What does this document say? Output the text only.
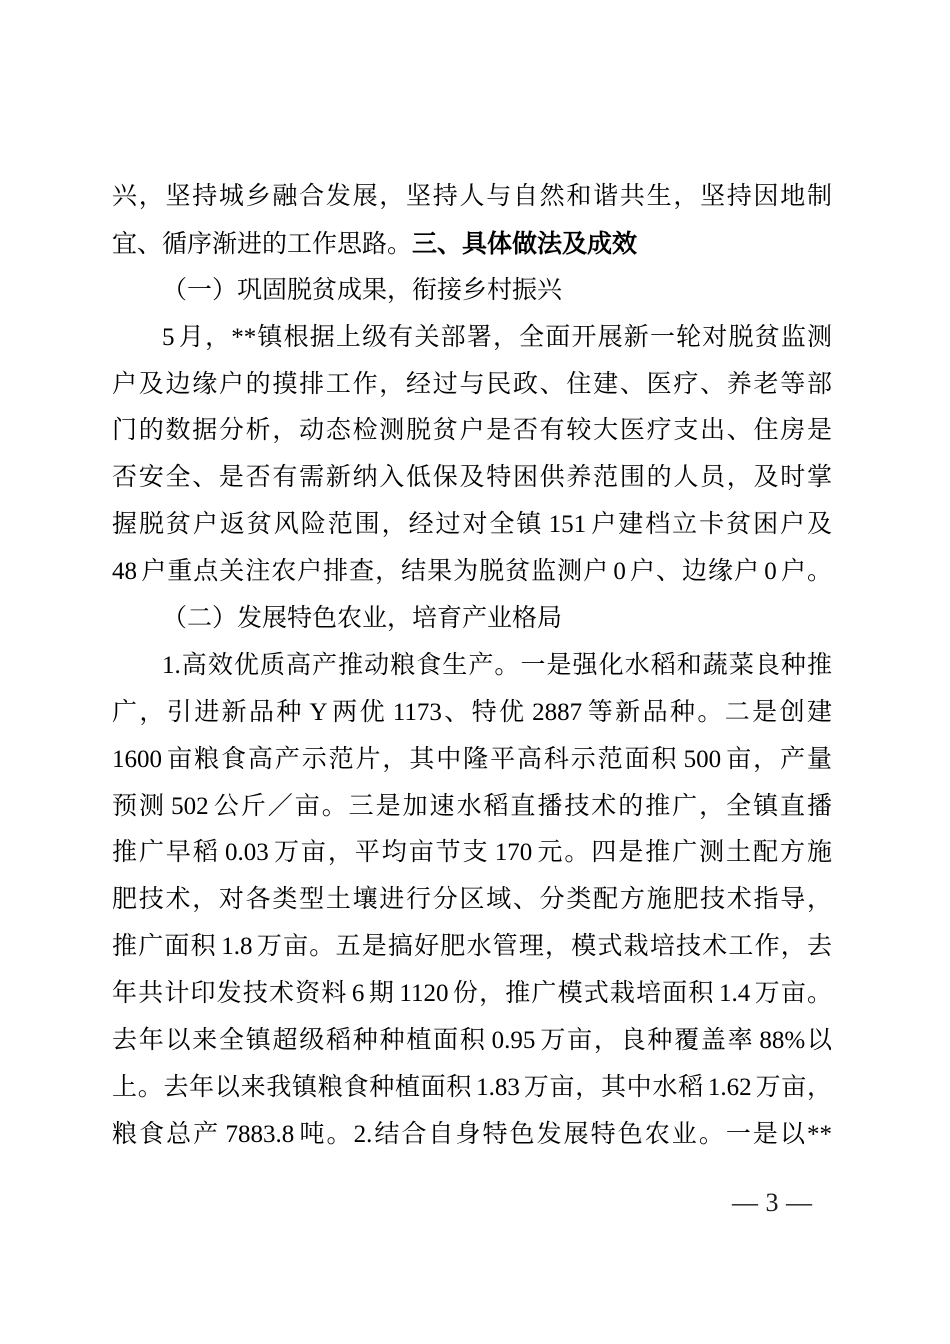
兴，坚持城乡融合发展，坚持人与自然和谐共生，坚持因地制
宜、循序渐进的工作思路。三、具体做法及成效
（一）巩固脱贫成果，衔接乡村振兴
5 月，**镇根据上级有关部署，全面开展新一轮对脱贫监测
户及边缘户的摸排工作，经过与民政、住建、医疗、养老等部
门的数据分析，动态检测脱贫户是否有较大医疗支出、住房是
否安全、是否有需新纳入低保及特困供养范围的人员，及时掌
握脱贫户返贫风险范围，经过对全镇 151 户建档立卡贫困户及
48 户重点关注农户排查，结果为脱贫监测户 0 户、边缘户 0 户。
（二）发展特色农业，培育产业格局
1.高效优质高产推动粮食生产。一是强化水稻和蔬菜良种推
广，引进新品种 Y 两优 1173、特优 2887 等新品种。二是创建
1600 亩粮食高产示范片，其中隆平高科示范面积 500 亩，产量
预测 502 公斤／亩。三是加速水稻直播技术的推广，全镇直播
推广早稻 0.03 万亩，平均亩节支 170 元。四是推广测土配方施
肥技术，对各类型土壤进行分区域、分类配方施肥技术指导，
推广面积 1.8 万亩。五是搞好肥水管理，模式栽培技术工作，去
年共计印发技术资料 6 期 1120 份，推广模式栽培面积 1.4 万亩。
去年以来全镇超级稻种种植面积 0.95 万亩，良种覆盖率 88%以
上。去年以来我镇粮食种植面积 1.83 万亩，其中水稻 1.62 万亩，
粮食总产 7883.8 吨。2.结合自身特色发展特色农业。一是以**
— 3 —
